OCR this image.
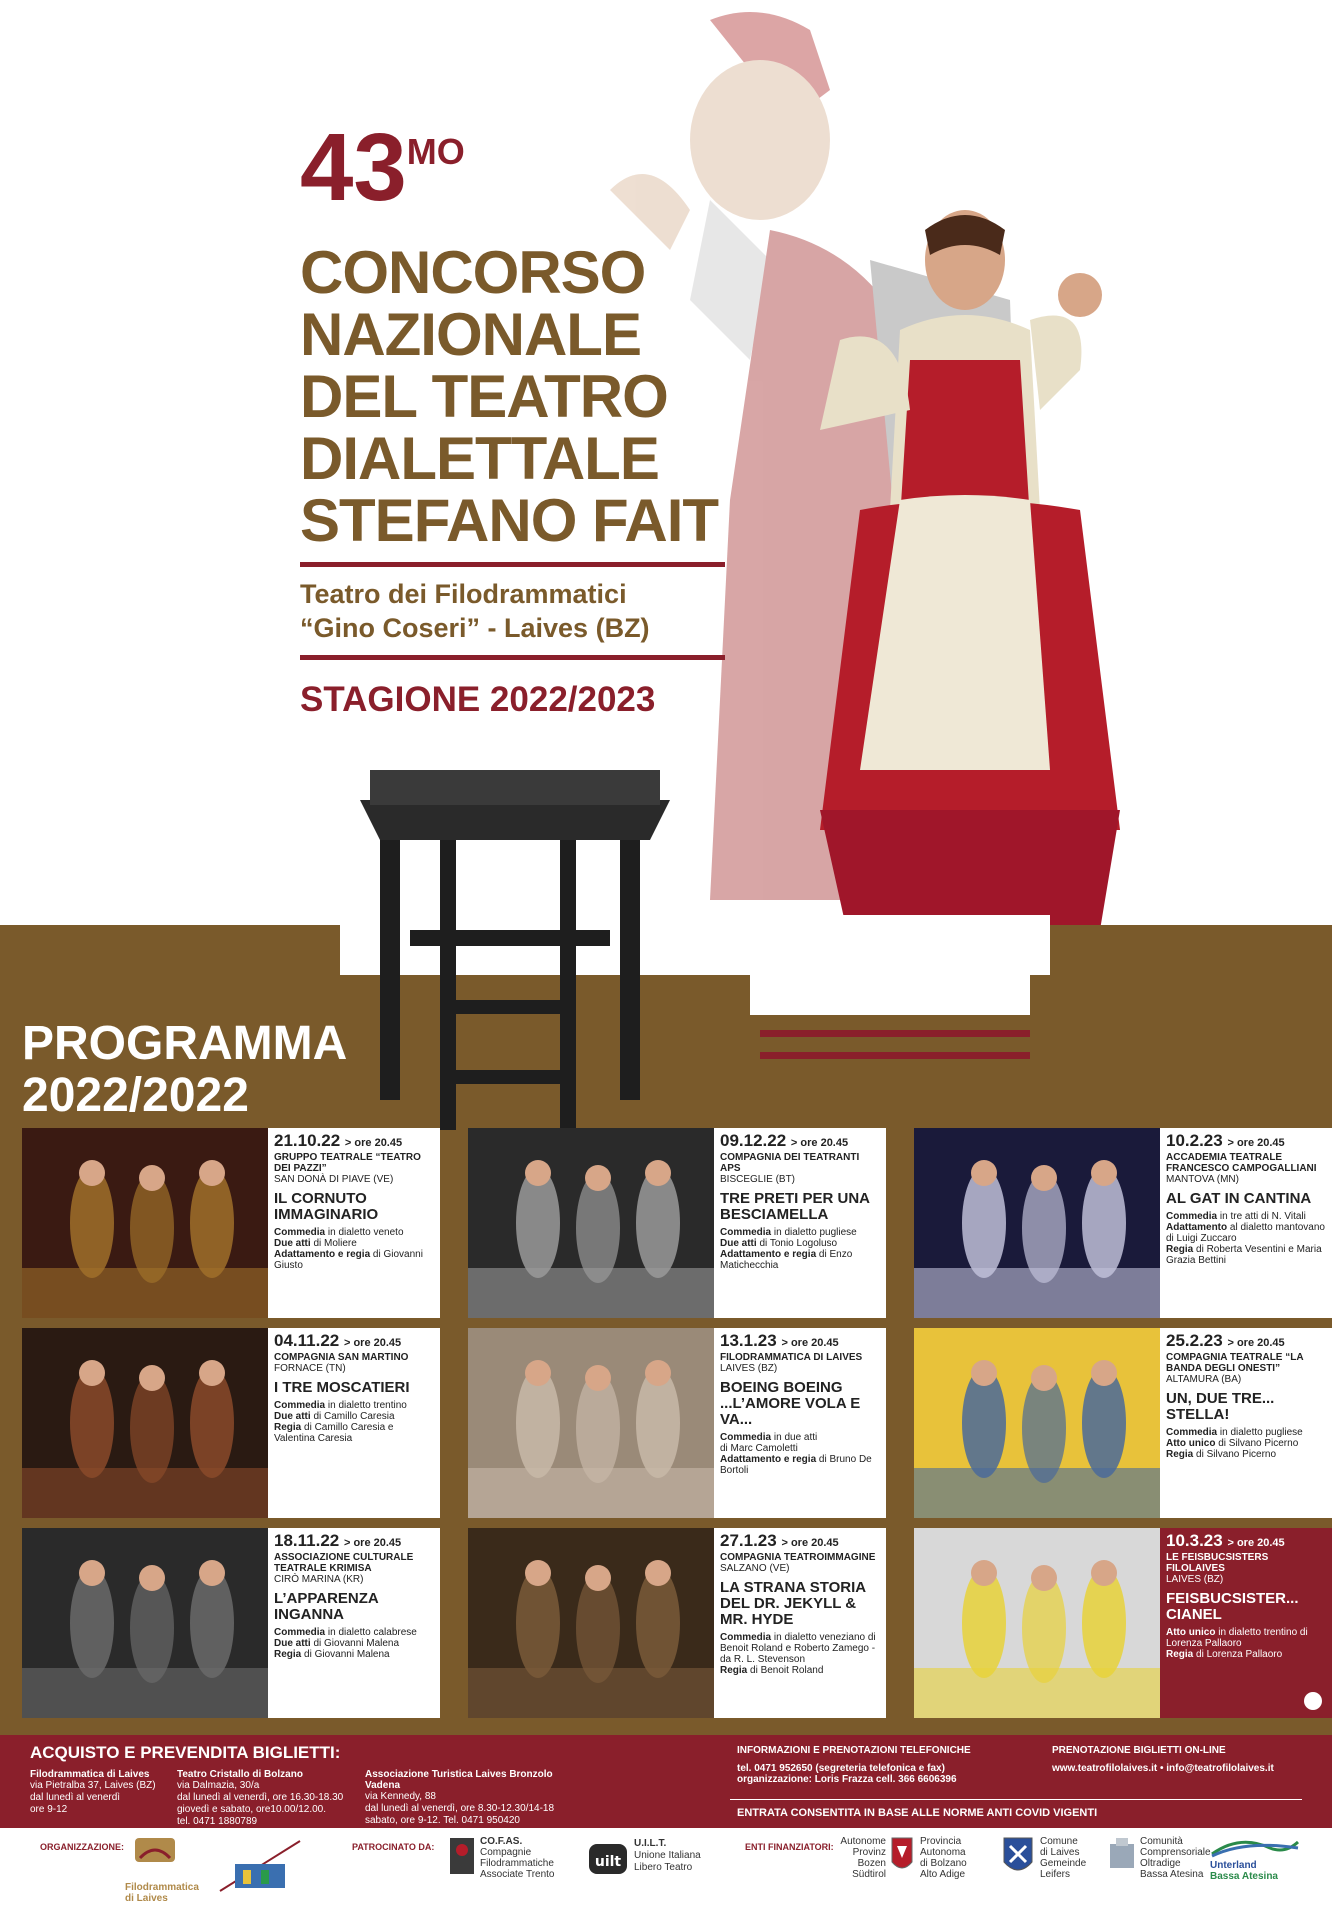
$43^{MO}$
CONCORSO
NAZIONALE
DEL TEATRO
DIALETTALE
STEFANO FAIT
Teatro dei Filodrammatici
“Gino Coseri” - Laives (BZ)
STAGIONE 2022/2023
PROGRAMMA
2022/2022
21.10.22 > ore 20.45
GRUPPO TEATRALE “TEATRO DEI PAZZI”
SAN DONÀ DI PIAVE (VE)
IL CORNUTO IMMAGINARIO
Commedia in dialetto veneto
Due atti di Moliere
Adattamento e regia di Giovanni Giusto
09.12.22 > ore 20.45
COMPAGNIA DEI TEATRANTI APS
BISCEGLIE (BT)
TRE PRETI PER UNA BESCIAMELLA
Commedia in dialetto pugliese
Due atti di Tonio Logoluso
Adattamento e regia di Enzo Matichecchia
10.2.23 > ore 20.45
ACCADEMIA TEATRALE FRANCESCO CAMPOGALLIANI
MANTOVA (MN)
AL GAT IN CANTINA
Commedia in tre atti di N. Vitali
Adattamento al dialetto mantovano di Luigi Zuccaro
Regia di Roberta Vesentini e Maria Grazia Bettini
04.11.22 > ore 20.45
COMPAGNIA SAN MARTINO
FORNACE (TN)
I TRE MOSCATIERI
Commedia in dialetto trentino
Due atti di Camillo Caresia
Regia di Camillo Caresia e Valentina Caresia
13.1.23 > ore 20.45
FILODRAMMATICA DI LAIVES
LAIVES (BZ)
BOEING BOEING ...L’AMORE VOLA E VA...
Commedia in due atti
di Marc Camoletti
Adattamento e regia di Bruno De Bortoli
25.2.23 > ore 20.45
COMPAGNIA TEATRALE “LA BANDA DEGLI ONESTI”
ALTAMURA (BA)
UN, DUE TRE... STELLA!
Commedia in dialetto pugliese
Atto unico di Silvano Picerno
Regia di Silvano Picerno
18.11.22 > ore 20.45
ASSOCIAZIONE CULTURALE TEATRALE KRIMISA
CIRÒ MARINA (KR)
L’APPARENZA INGANNA
Commedia in dialetto calabrese
Due atti di Giovanni Malena
Regia di Giovanni Malena
27.1.23 > ore 20.45
COMPAGNIA TEATROIMMAGINE
SALZANO (VE)
LA STRANA STORIA DEL DR. JEKYLL & MR. HYDE
Commedia in dialetto veneziano di Benoit Roland e Roberto Zamego - da R. L. Stevenson
Regia di Benoit Roland
10.3.23 > ore 20.45
LE FEISBUCSISTERS FILOLAIVES
LAIVES (BZ)
FEISBUCSISTER... CIANEL
Atto unico in dialetto trentino di Lorenza Pallaoro
Regia di Lorenza Pallaoro
ACQUISTO E PREVENDITA BIGLIETTI:
Filodrammatica di Laives
via Pietralba 37, Laives (BZ)
dal lunedì al venerdì
ore 9-12
Teatro Cristallo di Bolzano
via Dalmazia, 30/a
dal lunedì al venerdì, ore 16.30-18.30
giovedì e sabato, ore10.00/12.00.
tel. 0471 1880789
Associazione Turistica Laives Bronzolo Vadena
via Kennedy, 88
dal lunedì al venerdì, ore 8.30-12.30/14-18
sabato, ore 9-12. Tel. 0471 950420
INFORMAZIONI E PRENOTAZIONI TELEFONICHE
tel. 0471 952650 (segreteria telefonica e fax)
organizzazione: Loris Frazza cell. 366 6606396
PRENOTAZIONE BIGLIETTI ON-LINE
www.teatrofilolaives.it • info@teatrofilolaives.it
ENTRATA CONSENTITA IN BASE ALLE NORME ANTI COVID VIGENTI
ORGANIZZAZIONE:
Filodrammatica di Laives
PATROCINATO DA:	CO.F.AS.
Compagnie
Filodrammatiche
Associate Trento
uilt
U.I.L.T.
Unione Italiana
Libero Teatro
ENTI FINANZIATORI: Autonome
Provinz
Bozen
Südtirol
Provincia
Autonoma
di Bolzano
Alto Adige
Comune
di Laives
Gemeinde
Leifers
Comunità
Comprensoriale
Oltradige
Bassa Atesina
Unterland
Bassa Atesina
